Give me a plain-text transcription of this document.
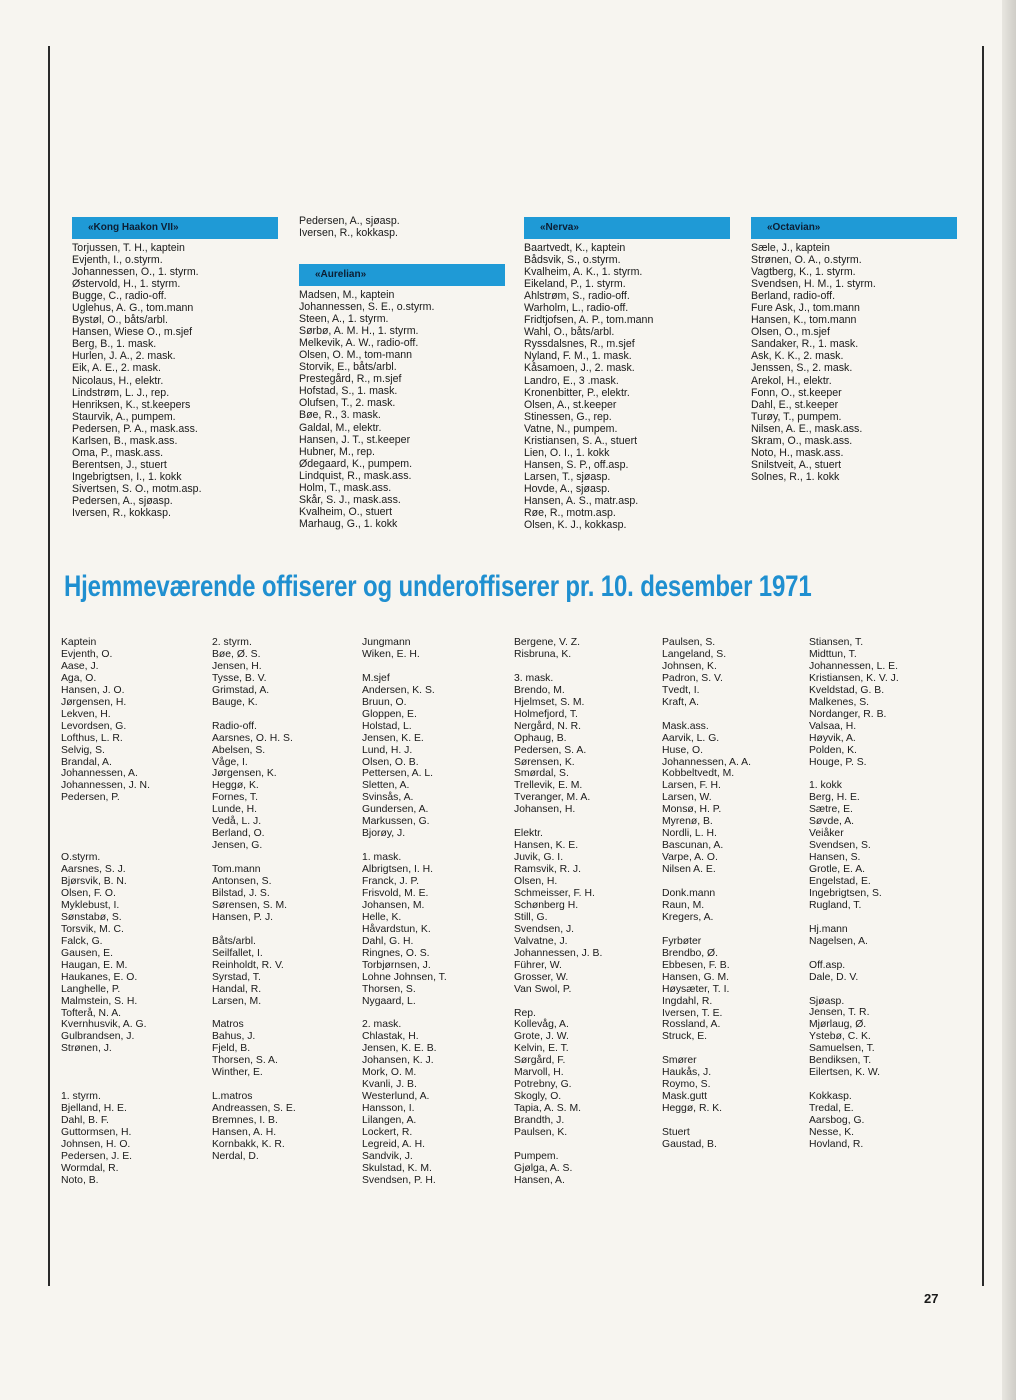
«Kong Haakon VII»
Torjussen, T. H., kaptein
Evjenth, I., o.styrm.
Johannessen, O., 1. styrm.
Østervold, H., 1. styrm.
Bugge, C., radio-off.
Uglehus, A. G., tom.mann
Bystøl, O., båts/arbl.
Hansen, Wiese O., m.sjef
Berg, B., 1. mask.
Hurlen, J. A., 2. mask.
Eik, A. E., 2. mask.
Nicolaus, H., elektr.
Lindstrøm, L. J., rep.
Henriksen, K., st.keepers
Staurvik, A., pumpem.
Pedersen, P. A., mask.ass.
Karlsen, B., mask.ass.
Oma, P., mask.ass.
Berentsen, J., stuert
Ingebrigtsen, I., 1. kokk
Sivertsen, S. O., motm.asp.
Pedersen, A., sjøasp.
Iversen, R., kokkasp.
Pedersen, A., sjøasp.
Iversen, R., kokkasp.
«Aurelian»
Madsen, M., kaptein
Johannessen, S. E., o.styrm.
Steen, A., 1. styrm.
Sørbø, A. M. H., 1. styrm.
Melkevik, A. W., radio-off.
Olsen, O. M., tom-mann
Storvik, E., båts/arbl.
Prestegård, R., m.sjef
Hofstad, S., 1. mask.
Olufsen, T., 2. mask.
Bøe, R., 3. mask.
Galdal, M., elektr.
Hansen, J. T., st.keeper
Hubner, M., rep.
Ødegaard, K., pumpem.
Lindquist, R., mask.ass.
Holm, T., mask.ass.
Skår, S. J., mask.ass.
Kvalheim, O., stuert
Marhaug, G., 1. kokk
«Nerva»
Baartvedt, K., kaptein
Bådsvik, S., o.styrm.
Kvalheim, A. K., 1. styrm.
Eikeland, P., 1. styrm.
Ahlstrøm, S., radio-off.
Warholm, L., radio-off.
Fridtjofsen, A. P., tom.mann
Wahl, O., båts/arbl.
Ryssdalsnes, R., m.sjef
Nyland, F. M., 1. mask.
Kåsamoen, J., 2. mask.
Landro, E., 3 .mask.
Kronenbitter, P., elektr.
Olsen, A., st.keeper
Stinessen, G., rep.
Vatne, N., pumpem.
Kristiansen, S. A., stuert
Lien, O. I., 1. kokk
Hansen, S. P., off.asp.
Larsen, T., sjøasp.
Hovde, A., sjøasp.
Hansen, A. S., matr.asp.
Røe, R., motm.asp.
Olsen, K. J., kokkasp.
«Octavian»
Sæle, J., kaptein
Strønen, O. A., o.styrm.
Vagtberg, K., 1. styrm.
Svendsen, H. M., 1. styrm.
Berland, radio-off.
Fure Ask, J., tom.mann
Hansen, K., tom.mann
Olsen, O., m.sjef
Sandaker, R., 1. mask.
Ask, K. K., 2. mask.
Jenssen, S., 2. mask.
Arekol, H., elektr.
Fonn, O., st.keeper
Dahl, E., st.keeper
Turøy, T., pumpem.
Nilsen, A. E., mask.ass.
Skram, O., mask.ass.
Noto, H., mask.ass.
Snilstveit, A., stuert
Solnes, R., 1. kokk
Hjemmeværende offiserer og underoffiserer pr. 10. desember 1971
Kaptein
Evjenth, O.
Aase, J.
Aga, O.
Hansen, J. O.
Jørgensen, H.
Lekven, H.
Levordsen, G.
Lofthus, L. R.
Selvig, S.
Brandal, A.
Johannessen, A.
Johannessen, J. N.
Pedersen, P.
O.styrm.
Aarsnes, S. J.
Bjørsvik, B. N.
Olsen, F. O.
Myklebust, I.
Sønstabø, S.
Torsvik, M. C.
Falck, G.
Gausen, E.
Haugan, E. M.
Haukanes, E. O.
Langhelle, P.
Malmstein, S. H.
Tofterå, N. A.
Kvernhusvik, A. G.
Gulbrandsen, J.
Strønen, J.
1. styrm.
Bjelland, H. E.
Dahl, B. F.
Guttormsen, H.
Johnsen, H. O.
Pedersen, J. E.
Wormdal, R.
Noto, B.
2. styrm.
Bøe, Ø. S.
Jensen, H.
Tysse, B. V.
Grimstad, A.
Bauge, K.
Radio-off.
Aarsnes, O. H. S.
Abelsen, S.
Våge, I.
Jørgensen, K.
Heggø, K.
Fornes, T.
Lunde, H.
Vedå, L. J.
Berland, O.
Jensen, G.
Tom.mann
Antonsen, S.
Bilstad, J. S.
Sørensen, S. M.
Hansen, P. J.
Båts/arbl.
Seilfallet, I.
Reinholdt, R. V.
Syrstad, T.
Handal, R.
Larsen, M.
Matros
Bahus, J.
Fjeld, B.
Thorsen, S. A.
Winther, E.
L.matros
Andreassen, S. E.
Bremnes, I. B.
Hansen, A. H.
Kornbakk, K. R.
Nerdal, D.
Jungmann
Wiken, E. H.
M.sjef
Andersen, K. S.
Bruun, O.
Gloppen, E.
Holstad, L.
Jensen, K. E.
Lund, H. J.
Olsen, O. B.
Pettersen, A. L.
Sletten, A.
Svinsås, A.
Gundersen, A.
Markussen, G.
Bjorøy, J.
1. mask.
Albrigtsen, I. H.
Franck, J. P.
Frisvold, M. E.
Johansen, M.
Helle, K.
Håvardstun, K.
Dahl, G. H.
Ringnes, O. S.
Torbjørnsen, J.
Lohne Johnsen, T.
Thorsen, S.
Nygaard, L.
2. mask.
Chlastak, H.
Jensen, K. E. B.
Johansen, K. J.
Mork, O. M.
Kvanli, J. B.
Westerlund, A.
Hansson, I.
Lilangen, A.
Lockert, R.
Legreid, A. H.
Sandvik, J.
Skulstad, K. M.
Svendsen, P. H.
Bergene, V. Z.
Risbruna, K.
3. mask.
Brendo, M.
Hjelmset, S. M.
Holmefjord, T.
Nergård, N. R.
Ophaug, B.
Pedersen, S. A.
Sørensen, K.
Smørdal, S.
Trellevik, E. M.
Tveranger, M. A.
Johansen, H.
Elektr.
Hansen, K. E.
Juvik, G. I.
Ramsvik, R. J.
Olsen, H.
Schmeisser, F. H.
Schønberg H.
Still, G.
Svendsen, J.
Valvatne, J.
Johannessen, J. B.
Führer, W.
Grosser, W.
Van Swol, P.
Rep.
Kollevåg, A.
Grote, J. W.
Kelvin, E. T.
Sørgård, F.
Marvoll, H.
Potrebny, G.
Skogly, O.
Tapia, A. S. M.
Brandth, J.
Paulsen, K.
Pumpem.
Gjølga, A. S.
Hansen, A.
Paulsen, S.
Langeland, S.
Johnsen, K.
Padron, S. V.
Tvedt, I.
Kraft, A.
Mask.ass.
Aarvik, L. G.
Huse, O.
Johannessen, A. A.
Kobbeltvedt, M.
Larsen, F. H.
Larsen, W.
Monsø, H. P.
Myrenø, B.
Nordli, L. H.
Bascunan, A.
Varpe, A. O.
Nilsen A. E.
Donk.mann
Raun, M.
Kregers, A.
Fyrbøter
Brendbo, Ø.
Ebbesen, F. B.
Hansen, G. M.
Høysæter, T. I.
Ingdahl, R.
Iversen, T. E.
Rossland, A.
Struck, E.
Smører
Haukås, J.
Roymo, S.
Mask.gutt
Heggø, R. K.
Stuert
Gaustad, B.
Stiansen, T.
Midttun, T.
Johannessen, L. E.
Kristiansen, K. V. J.
Kveldstad, G. B.
Malkenes, S.
Nordanger, R. B.
Valsaa, H.
Høyvik, A.
Polden, K.
Houge, P. S.
1. kokk
Berg, H. E.
Sætre, E.
Søvde, A.
Veiåker
Svendsen, S.
Hansen, S.
Grotle, E. A.
Engelstad, E.
Ingebrigtsen, S.
Rugland, T.
Hj.mann
Nagelsen, A.
Off.asp.
Dale, D. V.
Sjøasp.
Jensen, T. R.
Mjørlaug, Ø.
Ystebø, C. K.
Samuelsen, T.
Bendiksen, T.
Eilertsen, K. W.
Kokkasp.
Tredal, E.
Aarsbog, G.
Nesse, K.
Hovland, R.
27
